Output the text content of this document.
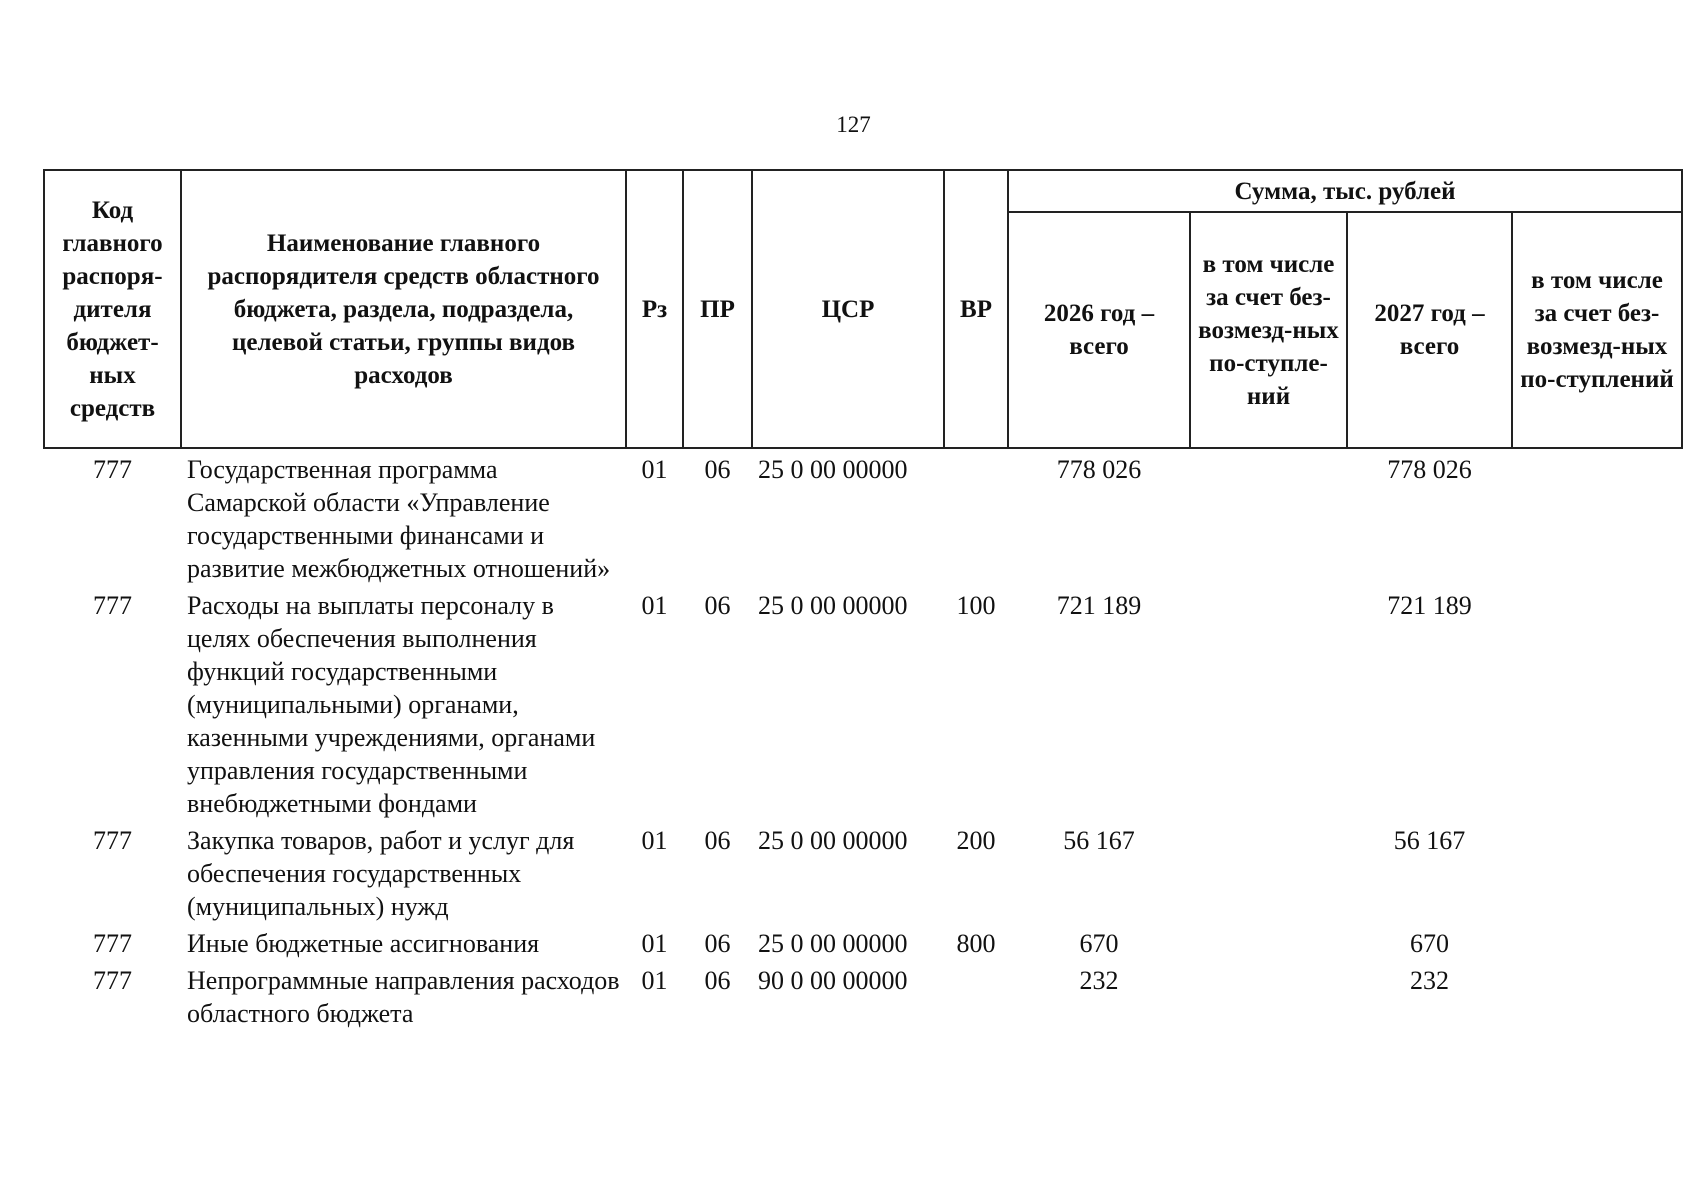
127
Код главного распоря-дителя бюджет-ных средств	Наименование главного распорядителя средств областного бюджета, раздела, подраздела, целевой статьи, группы видов расходов	Рз	ПР	ЦСР	ВР	Сумма, тыс. рублей			
						2026 год – всего	в том числе за счет без-возмезд-ных по-ступле-ний	2027 год – всего	в том числе за счет без-возмезд-ных по-ступлений
777	Государственная программа Самарской области «Управление государственными финансами и развитие межбюджетных отношений»	01	06	25 0 00 00000		778 026		778 026	
777	Расходы на выплаты персоналу в целях обеспечения выполнения функций государственными (муниципальными) органами, казенными учреждениями, органами управления государственными внебюджетными фондами	01	06	25 0 00 00000	100	721 189		721 189	
777	Закупка товаров, работ и услуг для обеспечения государственных (муниципальных) нужд	01	06	25 0 00 00000	200	56 167		56 167	
777	Иные бюджетные ассигнования	01	06	25 0 00 00000	800	670		670	
777	Непрограммные направления расходов областного бюджета	01	06	90 0 00 00000		232		232	
